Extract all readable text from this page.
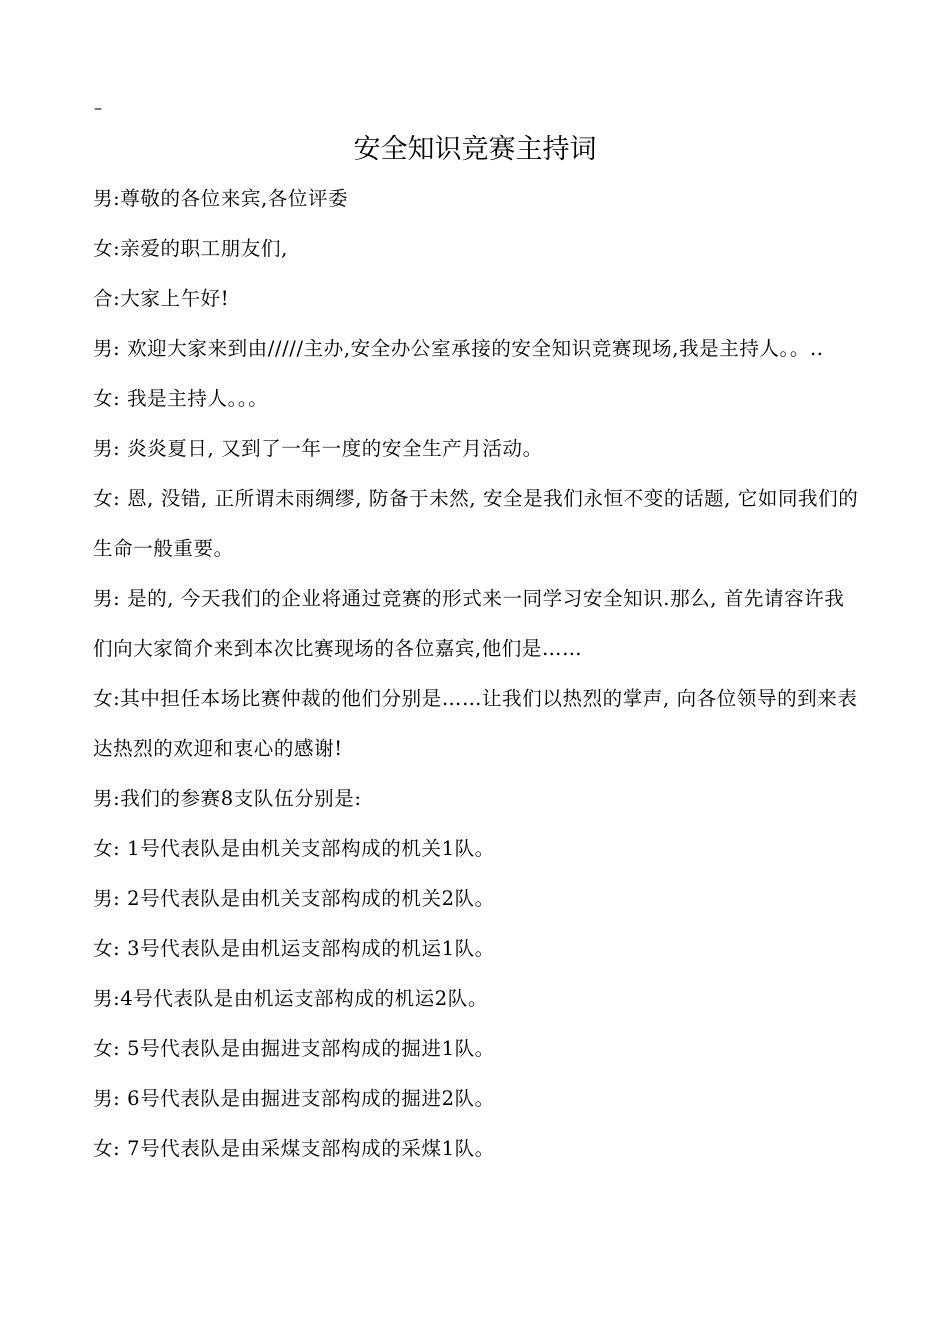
–
安全知识竞赛主持词

男:尊敬的各位来宾,各位评委

女:亲爱的职工朋友们,

合:大家上午好!

男: 欢迎大家来到由/////主办,安全办公室承接的安全知识竞赛现场,我是主持人。。..

女: 我是主持人。。。

男: 炎炎夏日, 又到了一年一度的安全生产月活动。

女: 恩, 没错, 正所谓未雨绸缪, 防备于未然, 安全是我们永恒不变的话题, 它如同我们的生命一般重要。

男: 是的, 今天我们的企业将通过竞赛的形式来一同学习安全知识.那么, 首先请容许我们向大家简介来到本次比赛现场的各位嘉宾,他们是……

女:其中担任本场比赛仲裁的他们分别是……让我们以热烈的掌声, 向各位领导的到来表达热烈的欢迎和衷心的感谢!

男:我们的参赛8支队伍分别是:

女: 1号代表队是由机关支部构成的机关1队。

男: 2号代表队是由机关支部构成的机关2队。

女: 3号代表队是由机运支部构成的机运1队。

男:4号代表队是由机运支部构成的机运2队。

女: 5号代表队是由掘进支部构成的掘进1队。

男: 6号代表队是由掘进支部构成的掘进2队。

女: 7号代表队是由采煤支部构成的采煤1队。
